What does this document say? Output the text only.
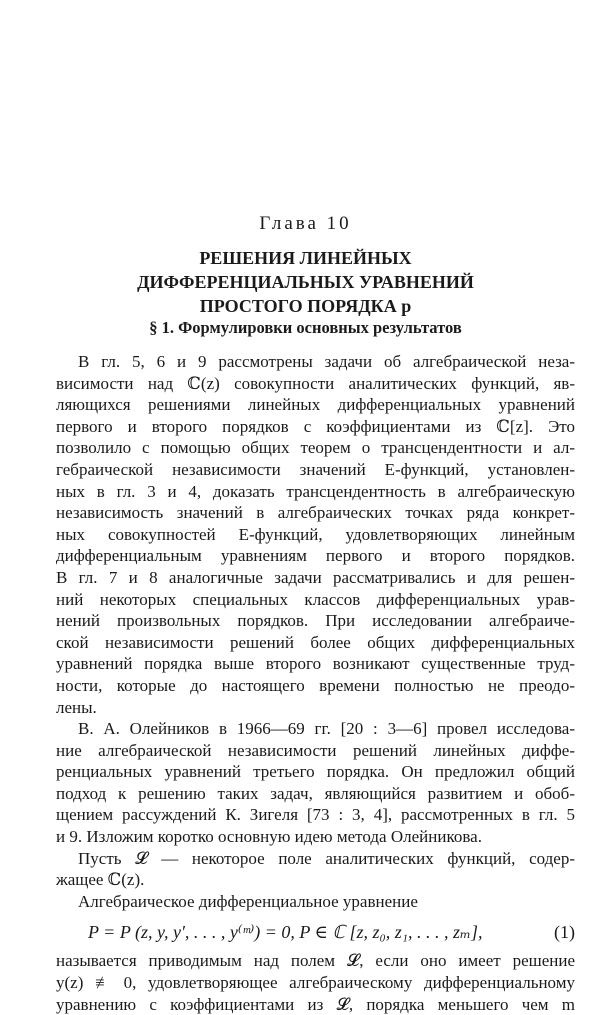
Глава 10
РЕШЕНИЯ ЛИНЕЙНЫХ
ДИФФЕРЕНЦИАЛЬНЫХ УРАВНЕНИЙ
ПРОСТОГО ПОРЯДКА р
§ 1. Формулировки основных результатов
В гл. 5, 6 и 9 рассмотрены задачи об алгебраической неза-
висимости над ℂ(z) совокупности аналитических функций, яв-
ляющихся решениями линейных дифференциальных уравнений
первого и второго порядков с коэффициентами из ℂ[z]. Это
позволило с помощью общих теорем о трансцендентности и ал-
гебраической независимости значений Е-функций, установлен-
ных в гл. 3 и 4, доказать трансцендентность в алгебраическую
независимость значений в алгебраических точках ряда конкрет-
ных совокупностей Е-функций, удовлетворяющих линейным
дифференциальным уравнениям первого и второго порядков.
В гл. 7 и 8 аналогичные задачи рассматривались и для решен-
ний некоторых специальных классов дифференциальных урав-
нений произвольных порядков. При исследовании алгебраиче-
ской независимости решений более общих дифференциальных
уравнений порядка выше второго возникают существенные труд-
ности, которые до настоящего времени полностью не преодо-
лены.
В. А. Олейников в 1966—69 гг. [20 : 3—6] провел исследова-
ние алгебраической независимости решений линейных диффе-
ренциальных уравнений третьего порядка. Он предложил общий
подход к решению таких задач, являющийся развитием и обоб-
щением рассуждений К. Зигеля [73 : 3, 4], рассмотренных в гл. 5
и 9. Изложим коротко основную идею метода Олейникова.
Пусть 𝓛 — некоторое поле аналитических функций, содер-
жащее ℂ(z).
Алгебраическое дифференциальное уравнение
P = P (z, y, y′, . . . , y⁽ᵐ⁾) = 0, P ∈ ℂ [z, z₀, z₁, . . . , zₘ],	(1)
называется приводимым над полем 𝓛, если оно имеет решение
y(z) ≢ 0, удовлетворяющее алгебраическому дифференциальному
уравнению с коэффициентами из 𝓛, порядка меньшего чем m
